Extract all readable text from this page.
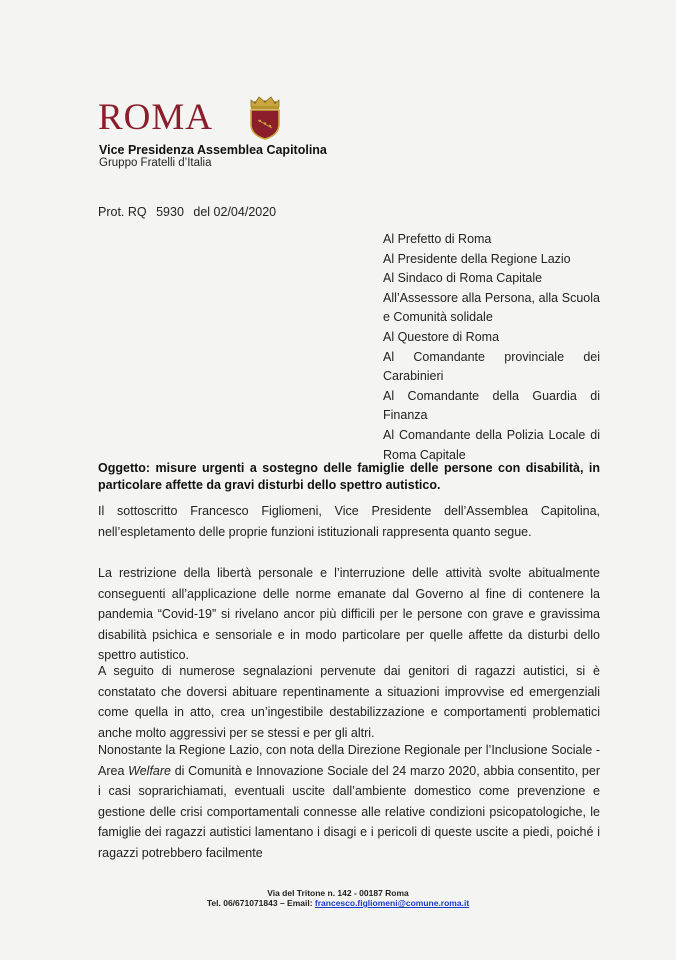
ROMA
Vice Presidenza Assemblea Capitolina
Gruppo Fratelli d’Italia
Prot. RQ 5930 del 02/04/2020
Al Prefetto di Roma
Al Presidente della Regione Lazio
Al Sindaco di Roma Capitale
All’Assessore alla Persona, alla Scuola e Comunità solidale
Al Questore di Roma
Al Comandante provinciale dei Carabinieri
Al Comandante della Guardia di Finanza
Al Comandante della Polizia Locale di Roma Capitale
Oggetto: misure urgenti a sostegno delle famiglie delle persone con disabilità, in particolare affette da gravi disturbi dello spettro autistico.
Il sottoscritto Francesco Figliomeni, Vice Presidente dell’Assemblea Capitolina, nell’espletamento delle proprie funzioni istituzionali rappresenta quanto segue.
La restrizione della libertà personale e l’interruzione delle attività svolte abitualmente conseguenti all’applicazione delle norme emanate dal Governo al fine di contenere la pandemia “Covid-19” si rivelano ancor più difficili per le persone con grave e gravissima disabilità psichica e sensoriale e in modo particolare per quelle affette da disturbi dello spettro autistico.
A seguito di numerose segnalazioni pervenute dai genitori di ragazzi autistici, si è constatato che doversi abituare repentinamente a situazioni improvvise ed emergenziali come quella in atto, crea un’ingestibile destabilizzazione e comportamenti problematici anche molto aggressivi per se stessi e per gli altri.
Nonostante la Regione Lazio, con nota della Direzione Regionale per l’Inclusione Sociale - Area Welfare di Comunità e Innovazione Sociale del 24 marzo 2020, abbia consentito, per i casi soprarichiamati, eventuali uscite dall’ambiente domestico come prevenzione e gestione delle crisi comportamentali connesse alle relative condizioni psicopatologiche, le famiglie dei ragazzi autistici lamentano i disagi e i pericoli di queste uscite a piedi, poiché i ragazzi potrebbero facilmente
Via del Tritone n. 142 - 00187 Roma
Tel. 06/671071843 – Email: francesco.figliomeni@comune.roma.it
